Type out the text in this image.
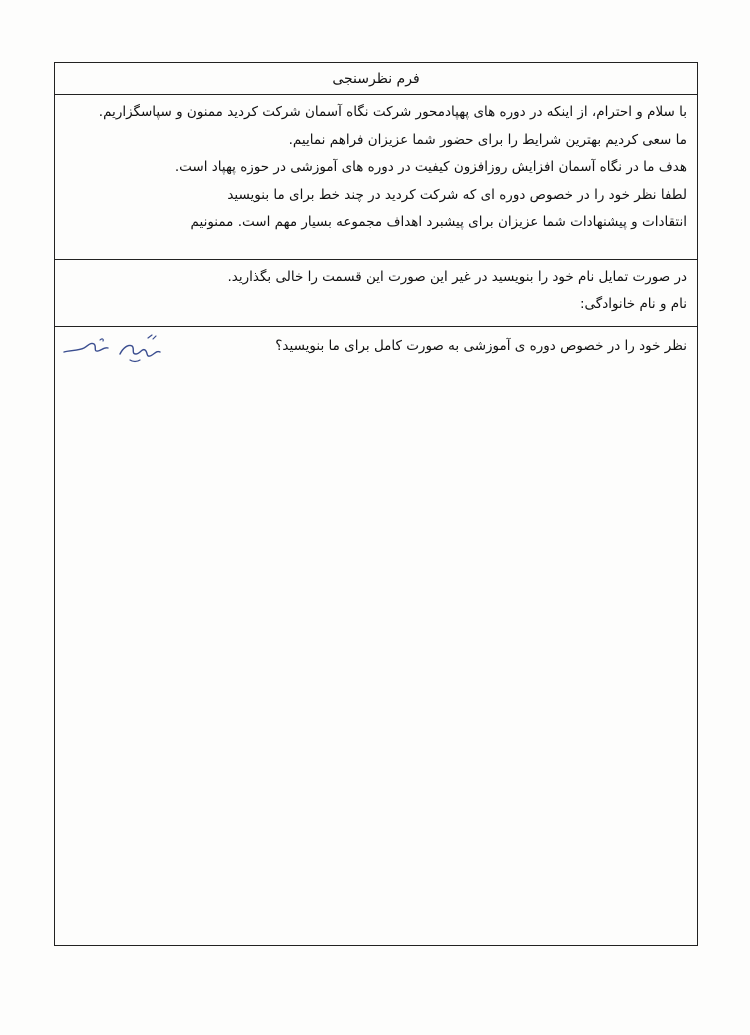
فرم نظرسنجی

با سلام و احترام، از اینکه در دوره های پهپادمحور شرکت نگاه آسمان شرکت کردید ممنون و سپاسگزاریم.

ما سعی کردیم بهترین شرایط را برای حضور شما عزیزان فراهم نماییم.

هدف ما در نگاه آسمان افزایش روزافزون کیفیت در دوره های آموزشی در حوزه پهپاد است.

لطفا نظر خود را در خصوص دوره ای که شرکت کردید در چند خط برای ما بنویسید

انتقادات و پیشنهادات شما عزیزان برای پیشبرد اهداف مجموعه بسیار مهم است. ممنونیم

در صورت تمایل نام خود را بنویسید در غیر این صورت این قسمت را خالی بگذارید.

نام و نام خانوادگی:

نظر خود را در خصوص دوره ی آموزشی به صورت کامل برای ما بنویسید؟
